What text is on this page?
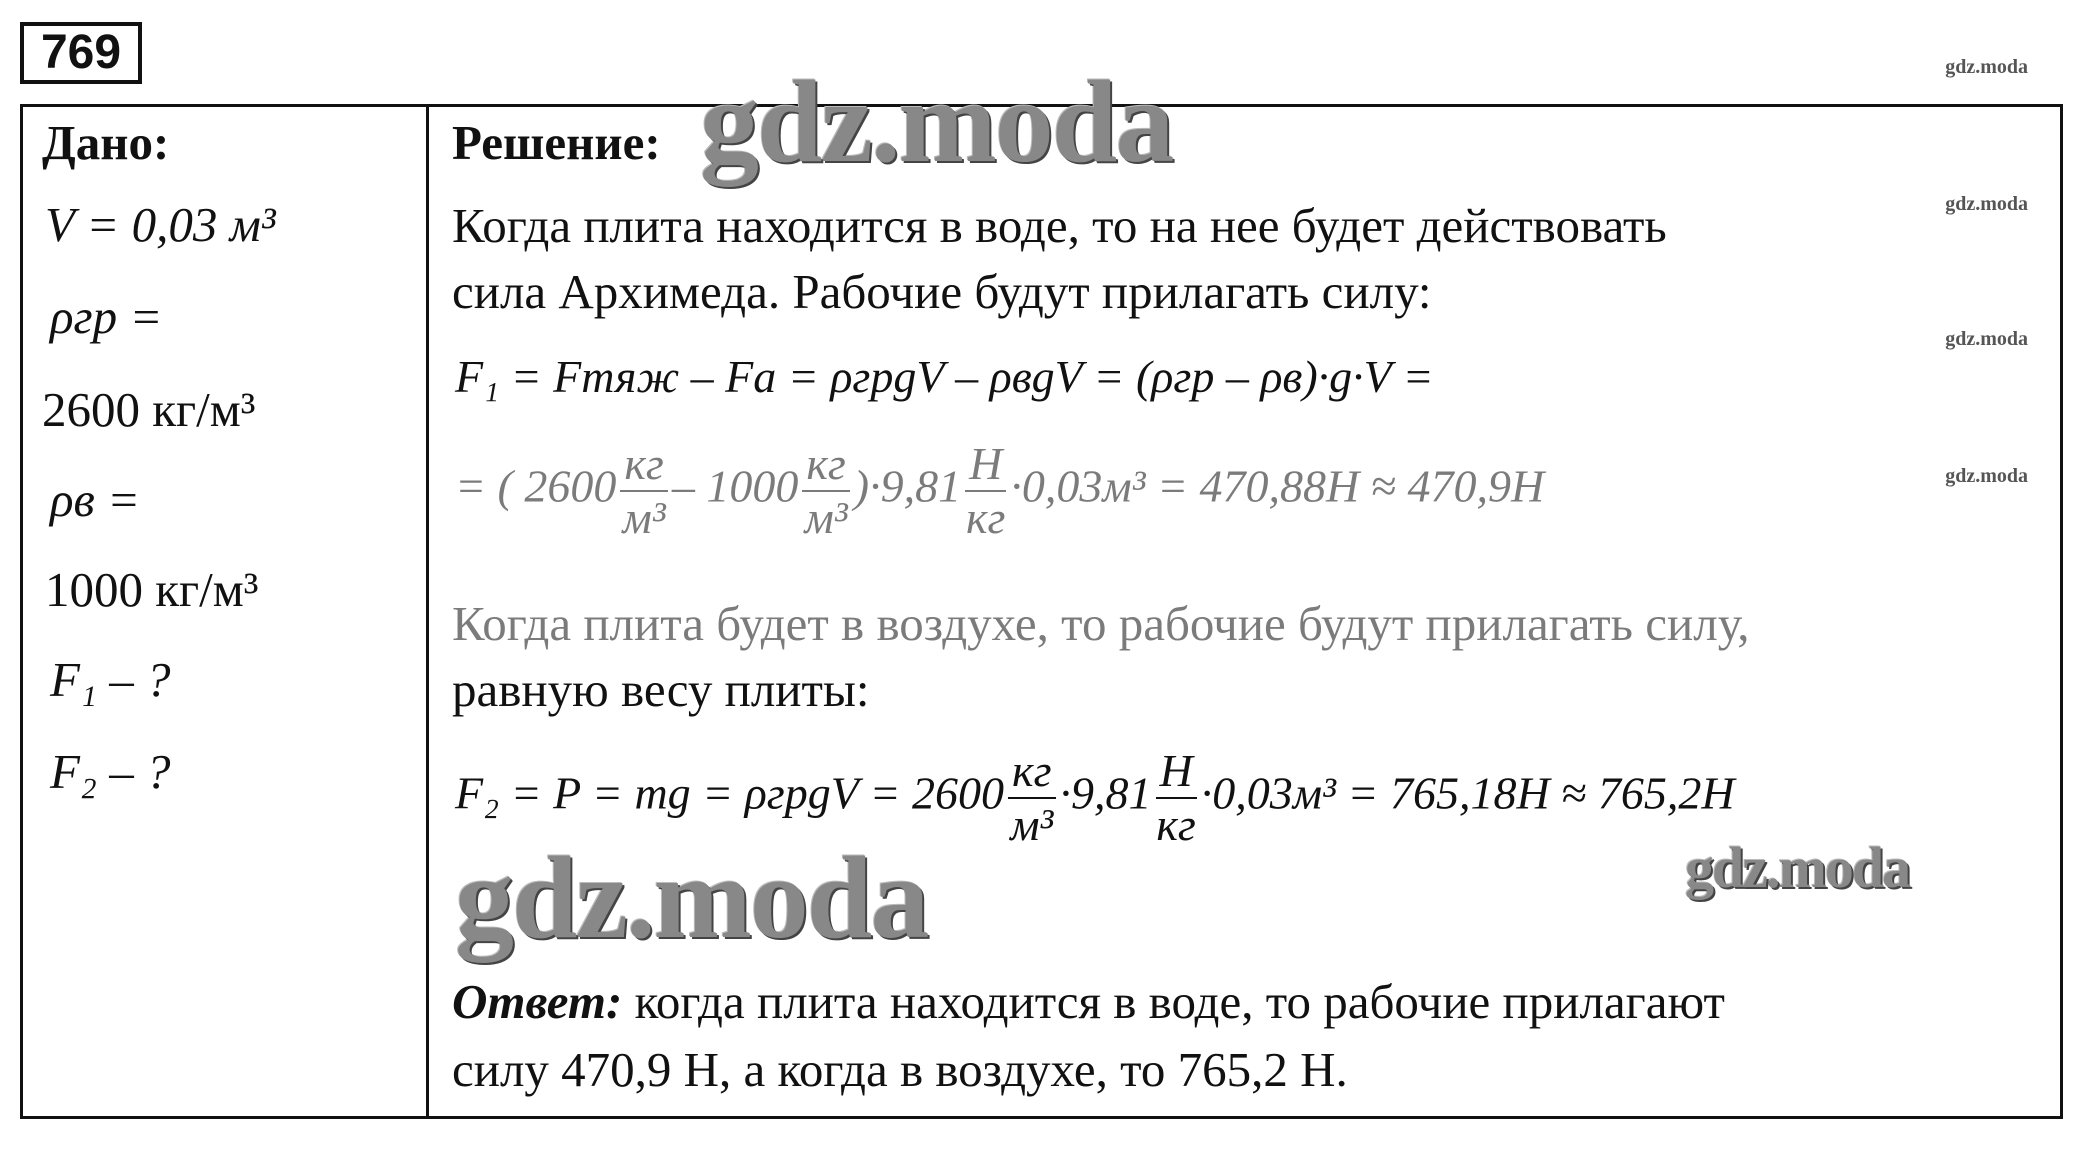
769	gdz.moda
gdz.moda
gdz.moda
gdz.moda
Дано:
V = 0,03 м³
ρгр =
2600 кг/м³
ρв =
1000 кг/м³
F₁ – ?
F₂ – ?
Решение:
Когда плита находится в воде, то на нее будет действовать
сила Архимеда. Рабочие будут прилагать силу:
F₁ = Fтяж – Fа = ρгрgV – ρвgV = (ρгр – ρв)·g·V =
= ( $2600 \frac{кг}{\text{м³}} - 1000 \frac{кг}{\text{м³}} )\cdot 9,81 \frac{Н}{кг} \cdot 0,03м^3 = 470,88Н \approx 470,9Н$
Когда плита будет в воздухе, то рабочие будут прилагать силу,
равную весу плиты:
F₂ = P = mg = ρгрgV = $2600 \frac{кг}{\text{м³}} \cdot 9,81 \frac{Н}{кг} \cdot 0,03м^3 = 765,18Н \approx 765,2Н$
Ответ: когда плита находится в воде, то рабочие прилагают
силу 470,9 Н, а когда в воздухе, то 765,2 Н.
gdz.moda
gdz.moda	gdz.moda
